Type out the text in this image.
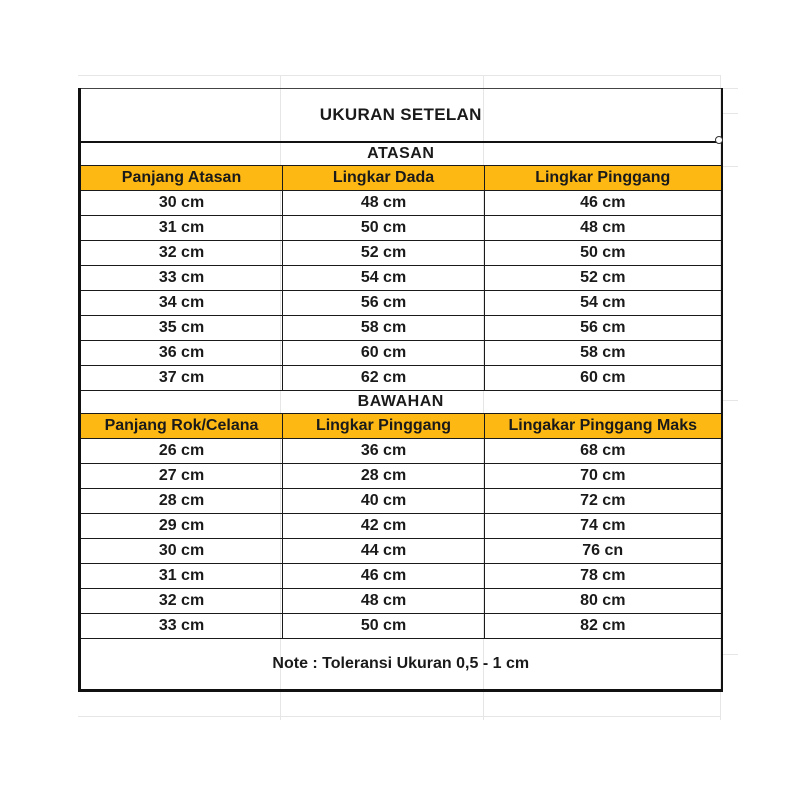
UKURAN SETELAN		
ATASAN		
Panjang Atasan	Lingkar Dada	Lingkar Pinggang
30 cm	48 cm	46 cm
31 cm	50 cm	48 cm
32 cm	52 cm	50 cm
33 cm	54 cm	52 cm
34 cm	56 cm	54 cm
35 cm	58 cm	56 cm
36 cm	60 cm	58 cm
37 cm	62 cm	60 cm
BAWAHAN		
Panjang Rok/Celana	Lingkar Pinggang	Lingakar Pinggang Maks
26 cm	36 cm	68 cm
27 cm	28 cm	70 cm
28 cm	40 cm	72 cm
29 cm	42 cm	74 cm
30 cm	44 cm	76 cn
31 cm	46 cm	78 cm
32 cm	48 cm	80 cm
33 cm	50 cm	82 cm
Note : Toleransi Ukuran 0,5 - 1 cm		
